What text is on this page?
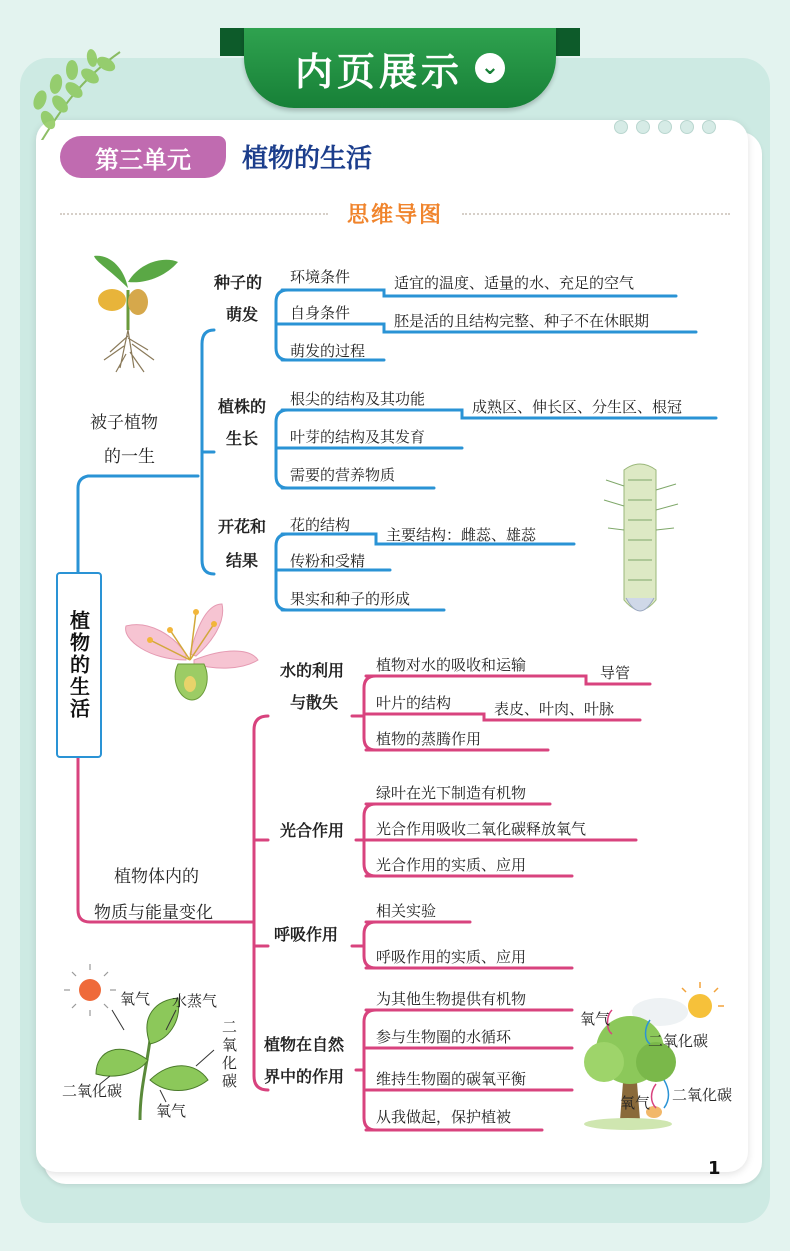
内页展示 ⌄
第三单元	植物的生活
思维导图
植物的生活
被子植物
的一生
种子的
萌发
环境条件	适宜的温度、适量的水、充足的空气
自身条件	胚是活的且结构完整、种子不在休眠期
萌发的过程
植株的
生长
根尖的结构及其功能	成熟区、伸长区、分生区、根冠
叶芽的结构及其发育
需要的营养物质
开花和
结果
花的结构
主要结构：雌蕊、雄蕊
传粉和受精
果实和种子的形成
植物体内的
物质与能量变化
水的利用
与散失
植物对水的吸收和运输	导管
叶片的结构	表皮、叶肉、叶脉
植物的蒸腾作用
光合作用
绿叶在光下制造有机物
光合作用吸收二氧化碳释放氧气
光合作用的实质、应用
呼吸作用
相关实验
呼吸作用的实质、应用
植物在自然
界中的作用
为其他生物提供有机物
参与生物圈的水循环
维持生物圈的碳氧平衡
从我做起，保护植被
氧气 水蒸气
二氧化碳
二氧化碳
氧气
氧气
二氧化碳
氧气 二氧化碳
1
